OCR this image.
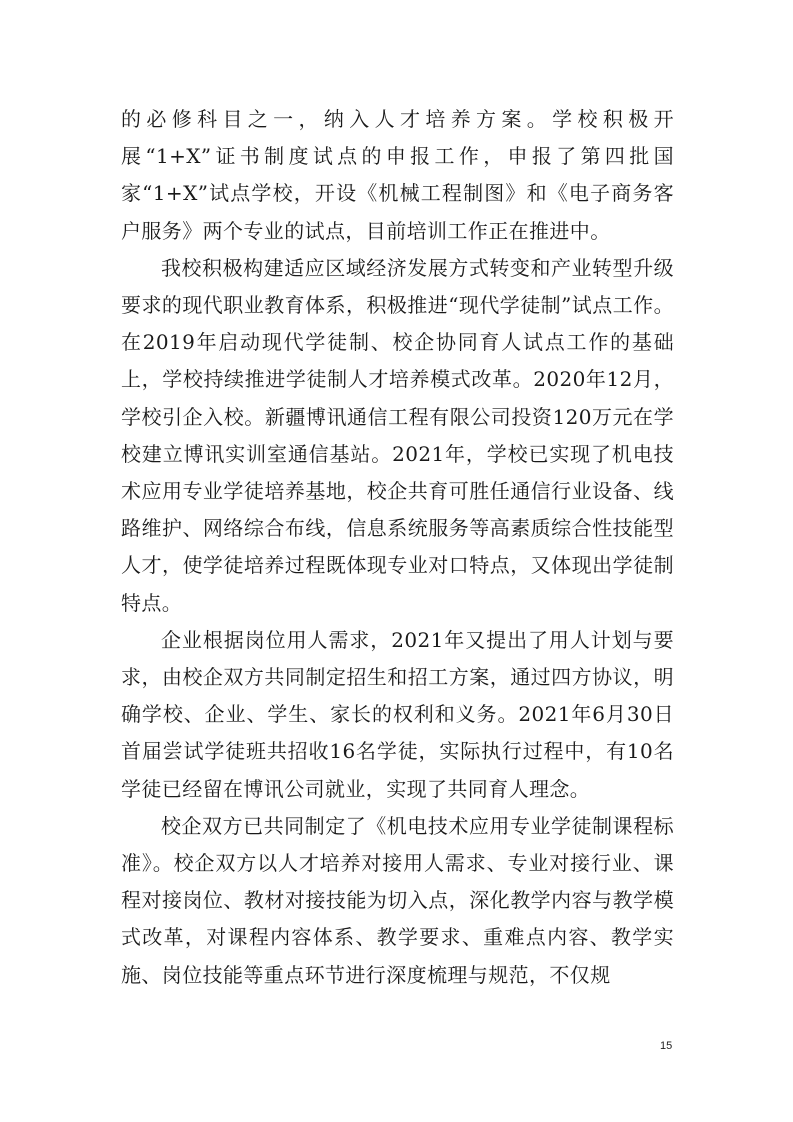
的必修科目之一，纳入人才培养方案。学校积极开展“1+X”证书制度试点的申报工作，申报了第四批国家“1+X”试点学校，开设《机械工程制图》和《电子商务客户服务》两个专业的试点，目前培训工作正在推进中。

我校积极构建适应区域经济发展方式转变和产业转型升级要求的现代职业教育体系，积极推进“现代学徒制”试点工作。在2019年启动现代学徒制、校企协同育人试点工作的基础上，学校持续推进学徒制人才培养模式改革。2020年12月，学校引企入校。新疆博讯通信工程有限公司投资120万元在学校建立博讯实训室通信基站。2021年，学校已实现了机电技术应用专业学徒培养基地，校企共育可胜任通信行业设备、线路维护、网络综合布线，信息系统服务等高素质综合性技能型人才，使学徒培养过程既体现专业对口特点，又体现出学徒制特点。

企业根据岗位用人需求，2021年又提出了用人计划与要求，由校企双方共同制定招生和招工方案，通过四方协议，明确学校、企业、学生、家长的权利和义务。2021年6月30日首届尝试学徒班共招收16名学徒，实际执行过程中，有10名学徒已经留在博讯公司就业，实现了共同育人理念。

校企双方已共同制定了《机电技术应用专业学徒制课程标准》。校企双方以人才培养对接用人需求、专业对接行业、课程对接岗位、教材对接技能为切入点，深化教学内容与教学模式改革，对课程内容体系、教学要求、重难点内容、教学实施、岗位技能等重点环节进行深度梳理与规范，不仅规

15
